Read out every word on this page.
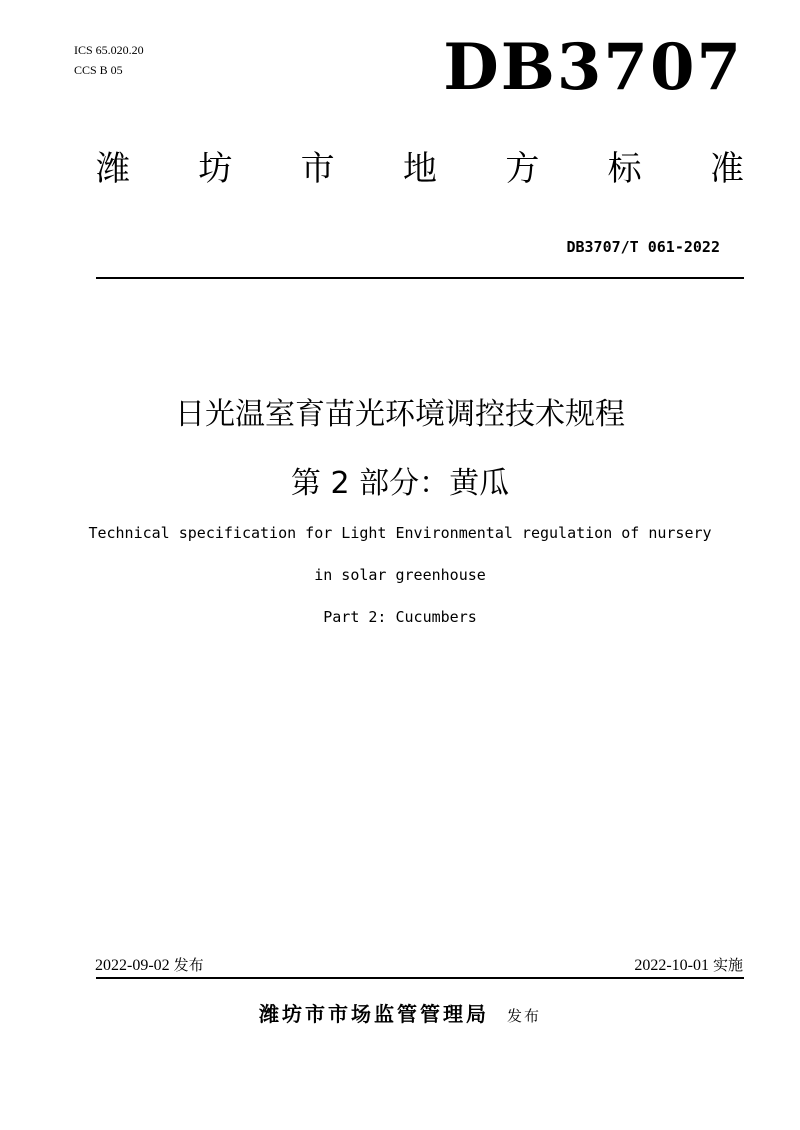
ICS 65.020.20
CCS B 05	DB3707
潍 坊 市 地 方 标 准
DB3707/T 061-2022
日光温室育苗光环境调控技术规程
第 2 部分：黄瓜
Technical specification for Light Environmental regulation of nursery
in solar greenhouse
Part 2: Cucumbers
2022-09-02 发布	2022-10-01 实施
潍坊市市场监管管理局 发布
